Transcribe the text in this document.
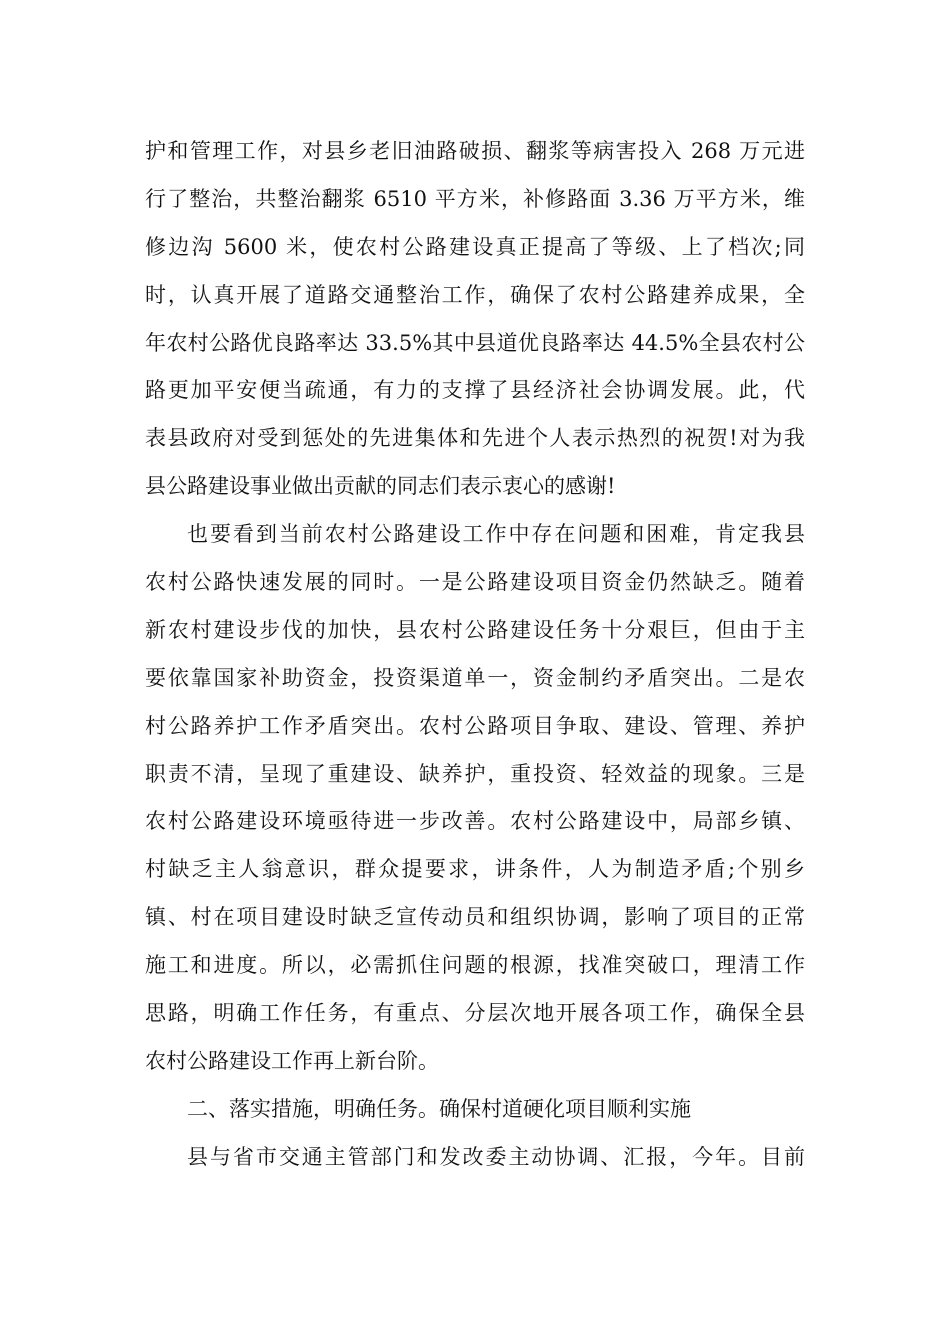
护和管理工作，对县乡老旧油路破损、翻浆等病害投入 268 万元进
行了整治，共整治翻浆 6510 平方米，补修路面 3.36 万平方米，维
修边沟 5600 米，使农村公路建设真正提高了等级、上了档次;同
时，认真开展了道路交通整治工作，确保了农村公路建养成果，全
年农村公路优良路率达 33.5%其中县道优良路率达 44.5%全县农村公
路更加平安便当疏通，有力的支撑了县经济社会协调发展。此，代
表县政府对受到惩处的先进集体和先进个人表示热烈的祝贺!对为我
县公路建设事业做出贡献的同志们表示衷心的感谢!
也要看到当前农村公路建设工作中存在问题和困难，肯定我县
农村公路快速发展的同时。一是公路建设项目资金仍然缺乏。随着
新农村建设步伐的加快，县农村公路建设任务十分艰巨，但由于主
要依靠国家补助资金，投资渠道单一，资金制约矛盾突出。二是农
村公路养护工作矛盾突出。农村公路项目争取、建设、管理、养护
职责不清，呈现了重建设、缺养护，重投资、轻效益的现象。三是
农村公路建设环境亟待进一步改善。农村公路建设中，局部乡镇、
村缺乏主人翁意识，群众提要求，讲条件，人为制造矛盾;个别乡
镇、村在项目建设时缺乏宣传动员和组织协调，影响了项目的正常
施工和进度。所以，必需抓住问题的根源，找准突破口，理清工作
思路，明确工作任务，有重点、分层次地开展各项工作，确保全县
农村公路建设工作再上新台阶。
二、落实措施，明确任务。确保村道硬化项目顺利实施
县与省市交通主管部门和发改委主动协调、汇报，今年。目前
